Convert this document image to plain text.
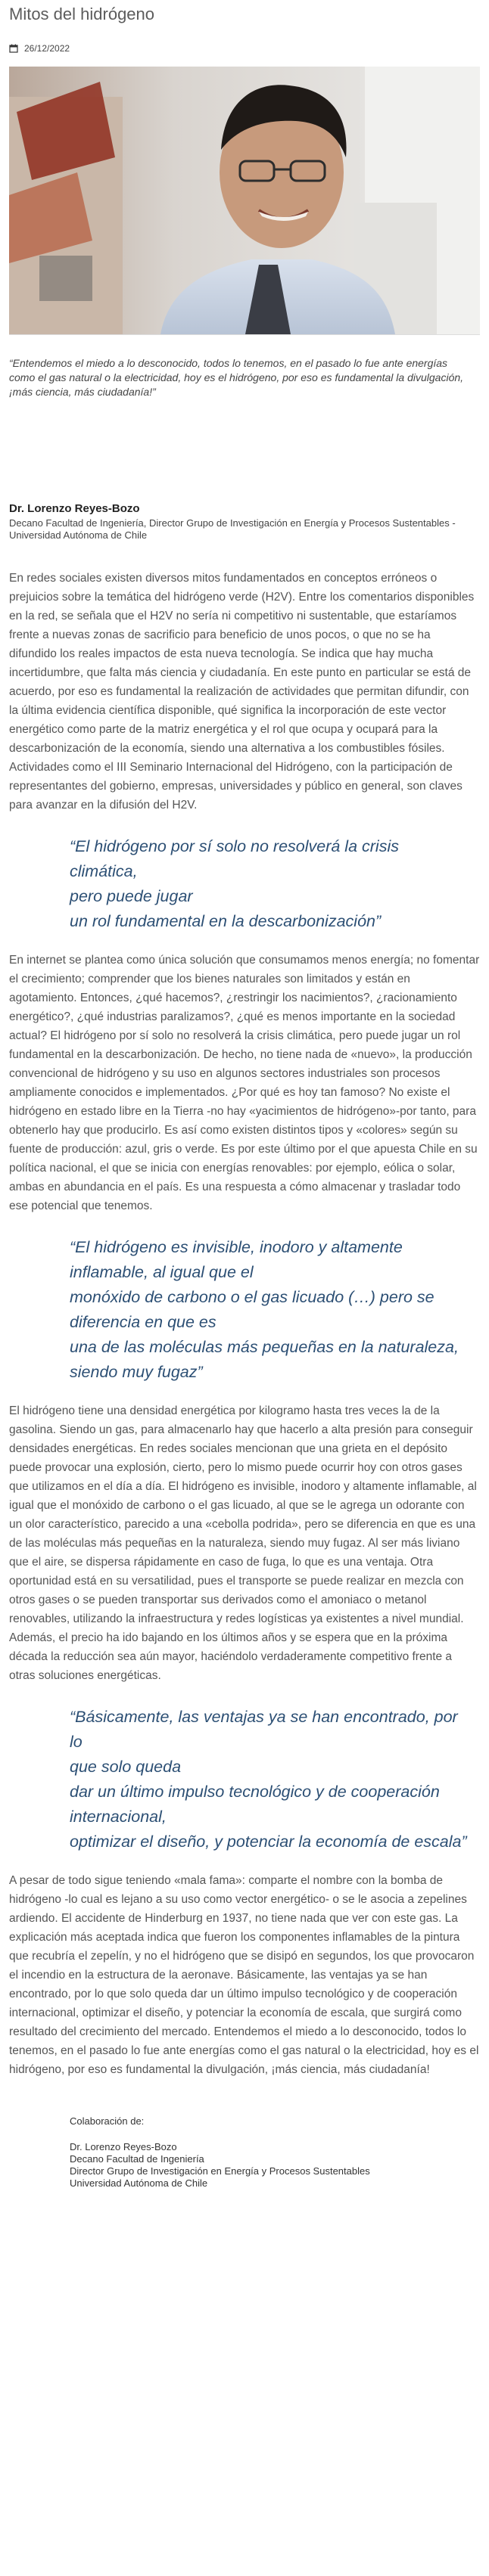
Mitos del hidrógeno
26/12/2022

“Entendemos el miedo a lo desconocido, todos lo tenemos, en el pasado lo fue ante energías como el gas natural o la electricidad, hoy es el hidrógeno, por eso es fundamental la divulgación, ¡más ciencia, más ciudadanía!”

Dr. Lorenzo Reyes-Bozo

Decano Facultad de Ingeniería, Director Grupo de Investigación en Energía y Procesos Sustentables - Universidad Autónoma de Chile

En redes sociales existen diversos mitos fundamentados en conceptos erróneos o prejuicios sobre la temática del hidrógeno verde (H2V). Entre los comentarios disponibles en la red, se señala que el H2V no sería ni competitivo ni sustentable, que estaríamos frente a nuevas zonas de sacrificio para beneficio de unos pocos, o que no se ha difundido los reales impactos de esta nueva tecnología. Se indica que hay mucha incertidumbre, que falta más ciencia y ciudadanía. En este punto en particular se está de acuerdo, por eso es fundamental la realización de actividades que permitan difundir, con la última evidencia científica disponible, qué significa la incorporación de este vector energético como parte de la matriz energética y el rol que ocupa y ocupará para la descarbonización de la economía, siendo una alternativa a los combustibles fósiles. Actividades como el III Seminario Internacional del Hidrógeno, con la participación de representantes del gobierno, empresas, universidades y público en general, son claves para avanzar en la difusión del H2V.

“El hidrógeno por sí solo no resolverá la crisis climática,
pero puede jugar
un rol fundamental en la descarbonización”

En internet se plantea como única solución que consumamos menos energía; no fomentar el crecimiento; comprender que los bienes naturales son limitados y están en agotamiento. Entonces, ¿qué hacemos?, ¿restringir los nacimientos?, ¿racionamiento energético?, ¿qué industrias paralizamos?, ¿qué es menos importante en la sociedad actual? El hidrógeno por sí solo no resolverá la crisis climática, pero puede jugar un rol fundamental en la descarbonización. De hecho, no tiene nada de «nuevo», la producción convencional de hidrógeno y su uso en algunos sectores industriales son procesos ampliamente conocidos e implementados. ¿Por qué es hoy tan famoso? No existe el hidrógeno en estado libre en la Tierra -no hay «yacimientos de hidrógeno»-por tanto, para obtenerlo hay que producirlo. Es así como existen distintos tipos y «colores» según su fuente de producción: azul, gris o verde. Es por este último por el que apuesta Chile en su política nacional, el que se inicia con energías renovables: por ejemplo, eólica o solar, ambas en abundancia en el país. Es una respuesta a cómo almacenar y trasladar todo ese potencial que tenemos.

“El hidrógeno es invisible, inodoro y altamente
inflamable, al igual que el
monóxido de carbono o el gas licuado (…) pero se
diferencia en que es
una de las moléculas más pequeñas en la naturaleza,
siendo muy fugaz”

El hidrógeno tiene una densidad energética por kilogramo hasta tres veces la de la gasolina. Siendo un gas, para almacenarlo hay que hacerlo a alta presión para conseguir densidades energéticas. En redes sociales mencionan que una grieta en el depósito puede provocar una explosión, cierto, pero lo mismo puede ocurrir hoy con otros gases que utilizamos en el día a día. El hidrógeno es invisible, inodoro y altamente inflamable, al igual que el monóxido de carbono o el gas licuado, al que se le agrega un odorante con un olor característico, parecido a una «cebolla podrida», pero se diferencia en que es una de las moléculas más pequeñas en la naturaleza, siendo muy fugaz. Al ser más liviano que el aire, se dispersa rápidamente en caso de fuga, lo que es una ventaja. Otra oportunidad está en su versatilidad, pues el transporte se puede realizar en mezcla con otros gases o se pueden transportar sus derivados como el amoniaco o metanol renovables, utilizando la infraestructura y redes logísticas ya existentes a nivel mundial. Además, el precio ha ido bajando en los últimos años y se espera que en la próxima década la reducción sea aún mayor, haciéndolo verdaderamente competitivo frente a otras soluciones energéticas.

“Básicamente, las ventajas ya se han encontrado, por lo
que solo queda
dar un último impulso tecnológico y de cooperación
internacional,
optimizar el diseño, y potenciar la economía de escala”

A pesar de todo sigue teniendo «mala fama»: comparte el nombre con la bomba de hidrógeno -lo cual es lejano a su uso como vector energético- o se le asocia a zepelines ardiendo. El accidente de Hinderburg en 1937, no tiene nada que ver con este gas. La explicación más aceptada indica que fueron los componentes inflamables de la pintura que recubría el zepelín, y no el hidrógeno que se disipó en segundos, los que provocaron el incendio en la estructura de la aeronave. Básicamente, las ventajas ya se han encontrado, por lo que solo queda dar un último impulso tecnológico y de cooperación internacional, optimizar el diseño, y potenciar la economía de escala, que surgirá como resultado del crecimiento del mercado. Entendemos el miedo a lo desconocido, todos lo tenemos, en el pasado lo fue ante energías como el gas natural o la electricidad, hoy es el hidrógeno, por eso es fundamental la divulgación, ¡más ciencia, más ciudadanía!

Colaboración de:
Dr. Lorenzo Reyes-Bozo
Decano Facultad de Ingeniería
Director Grupo de Investigación en Energía y Procesos Sustentables
Universidad Autónoma de Chile
